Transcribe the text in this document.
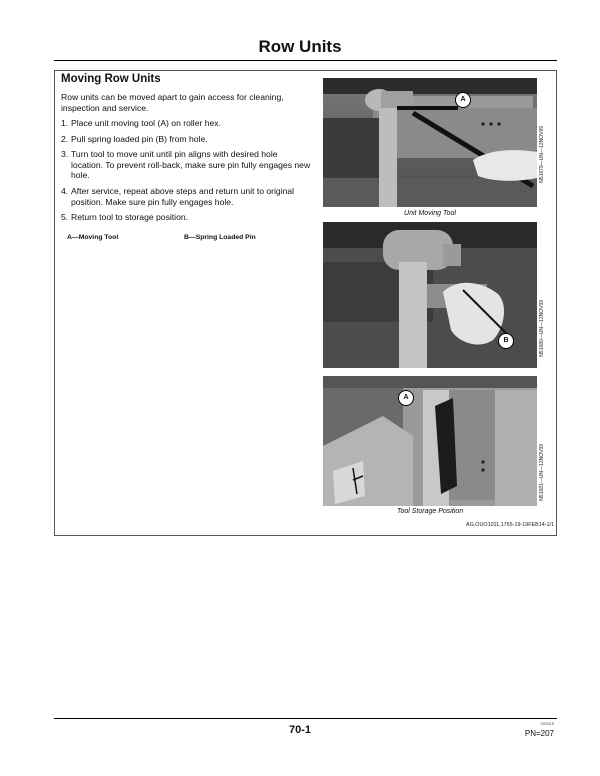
Row Units
Moving Row Units
Row units can be moved apart to gain access for cleaning, inspection and service.
1. Place unit moving tool (A) on roller hex.
2. Pull spring loaded pin (B) from hole.
3. Turn tool to move unit until pin aligns with desired hole location. To prevent roll-back, make sure pin fully engages new hole.
4. After service, repeat above steps and return unit to original position. Make sure pin fully engages hole.
5. Return tool to storage position.
A—Moving Tool	B—Spring Loaded Pin
A
N51679—UN—12NOV99
Unit Moving Tool
B	N51680—UN—12NOV99
A
N51681—UN—12NOV99
Tool Storage Position
AG,OUO1011,1765-19-19FEB14-1/1
70-1
022615
PN=207
